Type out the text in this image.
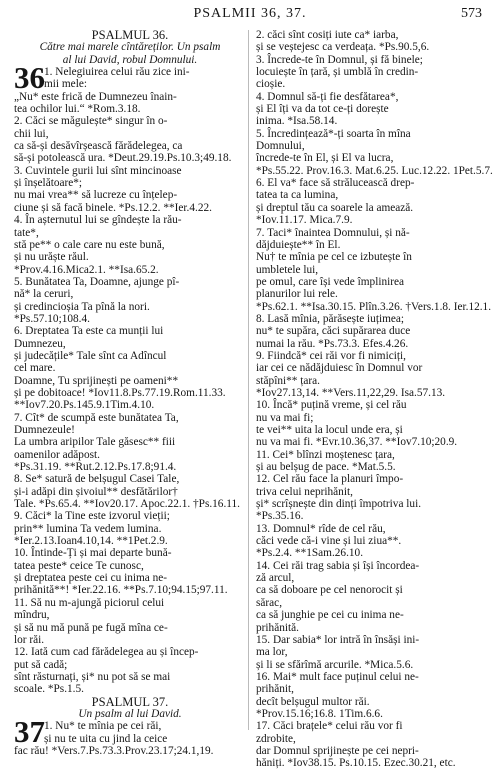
PSALMII 36, 37.	573
PSALMUL 36.
Către mai marele cîntăreților. Un psalm
al lui David, robul Domnului.
36 1. Nelegiuirea celui rău zice ini-
mii mele:
„Nu* este frică de Dumnezeu înain-
tea ochilor lui.“ *Rom.3.18.
2. Căci se măgulește* singur în o-
chii lui,
ca să-și desăvîrșească fărădelegea, ca
să-și potolească ura. *Deut.29.19.Ps.10.3;49.18.
3. Cuvintele gurii lui sînt mincinoase
și înșelătoare*;
nu mai vrea** să lucreze cu înțelep-
ciune și să facă binele. *Ps.12.2. **Ier.4.22.
4. În așternutul lui se gîndește la rău-
tate*,
stă pe** o cale care nu este bună,
și nu urăște răul.
*Prov.4.16.Mica2.1. **Isa.65.2.
5. Bunătatea Ta, Doamne, ajunge pî-
nă* la ceruri,
și credincioșia Ta pînă la nori.
*Ps.57.10;108.4.
6. Dreptatea Ta este ca munții lui
Dumnezeu,
și judecățile* Tale sînt ca Adîncul
cel mare.
Doamne, Tu sprijinești pe oameni**
și pe dobitoace! *Iov11.8.Ps.77.19.Rom.11.33.
**Iov7.20.Ps.145.9.1Tim.4.10.
7. Cît* de scumpă este bunătatea Ta,
Dumnezeule!
La umbra aripilor Tale găsesc** fiii
oamenilor adăpost.
*Ps.31.19. **Rut.2.12.Ps.17.8;91.4.
8. Se* satură de belșugul Casei Tale,
și-i adăpi din șivoiul** desfătărilor†
Tale. *Ps.65.4. **Iov20.17. Apoc.22.1. †Ps.16.11.
9. Căci* la Tine este izvorul vieții;
prin** lumina Ta vedem lumina.
*Ier.2.13.Ioan4.10,14. **1Pet.2.9.
10. Întinde-Ți și mai departe bună-
tatea peste* ceice Te cunosc,
și dreptatea peste cei cu inima ne-
prihănită**! *Ier.22.16. **Ps.7.10;94.15;97.11.
11. Să nu m-ajungă piciorul celui
mîndru,
și să nu mă pună pe fugă mîna ce-
lor răi.
12. Iată cum cad fărădelegea au și încep-
put să cadă;
sînt răsturnați, și* nu pot să se mai
scoale. *Ps.1.5.
PSALMUL 37.
Un psalm al lui David.
37 1. Nu* te mînia pe cei răi,
și nu te uita cu jind la ceice
fac rău! *Vers.7.Ps.73.3.Prov.23.17;24.1,19.
2. căci sînt cosiți iute ca* iarba,
și se veștejesc ca verdeața. *Ps.90.5,6.
3. Încrede-te în Domnul, și fă binele;
locuiește în țară, și umblă în credin-
cioșie.
4. Domnul să-ți fie desfătarea*,
și El îți va da tot ce-ți dorește
inima. *Isa.58.14.
5. Încredințează*-ți soarta în mîna
Domnului,
încrede-te în El, și El va lucra,
*Ps.55.22. Prov.16.3. Mat.6.25. Luc.12.22. 1Pet.5.7.
6. El va* face să strălucească drep-
tatea ta ca lumina,
și dreptul tău ca soarele la amează.
*Iov.11.17. Mica.7.9.
7. Taci* înaintea Domnului, și nă-
dăjduiește** în El.
Nu† te mînia pe cel ce izbutește în
umbletele lui,
pe omul, care își vede împlinirea
planurilor lui rele.
*Ps.62.1. **Isa.30.15. Plîn.3.26. †Vers.1.8. Ier.12.1.
8. Lasă mînia, părăsește iuțimea;
nu* te supăra, căci supărarea duce
numai la rău. *Ps.73.3. Efes.4.26.
9. Fiindcă* cei răi vor fi nimiciți,
iar cei ce nădăjduiesc în Domnul vor
stăpîni** țara.
*Iov27.13,14. **Vers.11,22,29. Isa.57.13.
10. Încă* puțină vreme, și cel rău
nu va mai fi;
te vei** uita la locul unde era, și
nu va mai fi. *Evr.10.36,37. **Iov7.10;20.9.
11. Cei* blînzi moștenesc țara,
și au belșug de pace. *Mat.5.5.
12. Cel rău face la planuri împo-
triva celui neprihănit,
și* scrîșnește din dinți împotriva lui.
*Ps.35.16.
13. Domnul* rîde de cel rău,
căci vede că-i vine și lui ziua**.
*Ps.2.4. **1Sam.26.10.
14. Cei răi trag sabia și își încordea-
ză arcul,
ca să doboare pe cel nenorocit și
sărac,
ca să junghie pe cei cu inima ne-
prihănită.
15. Dar sabia* lor intră în însăși ini-
ma lor,
și li se sfărîmă arcurile. *Mica.5.6.
16. Mai* mult face puținul celui ne-
prihănit,
decît belșugul multor răi.
*Prov.15.16;16.8. 1Tim.6.6.
17. Căci brațele* celui rău vor fi
zdrobite,
dar Domnul sprijinește pe cei nepri-
hăniți. *Iov38.15. Ps.10.15. Ezec.30.21, etc.
